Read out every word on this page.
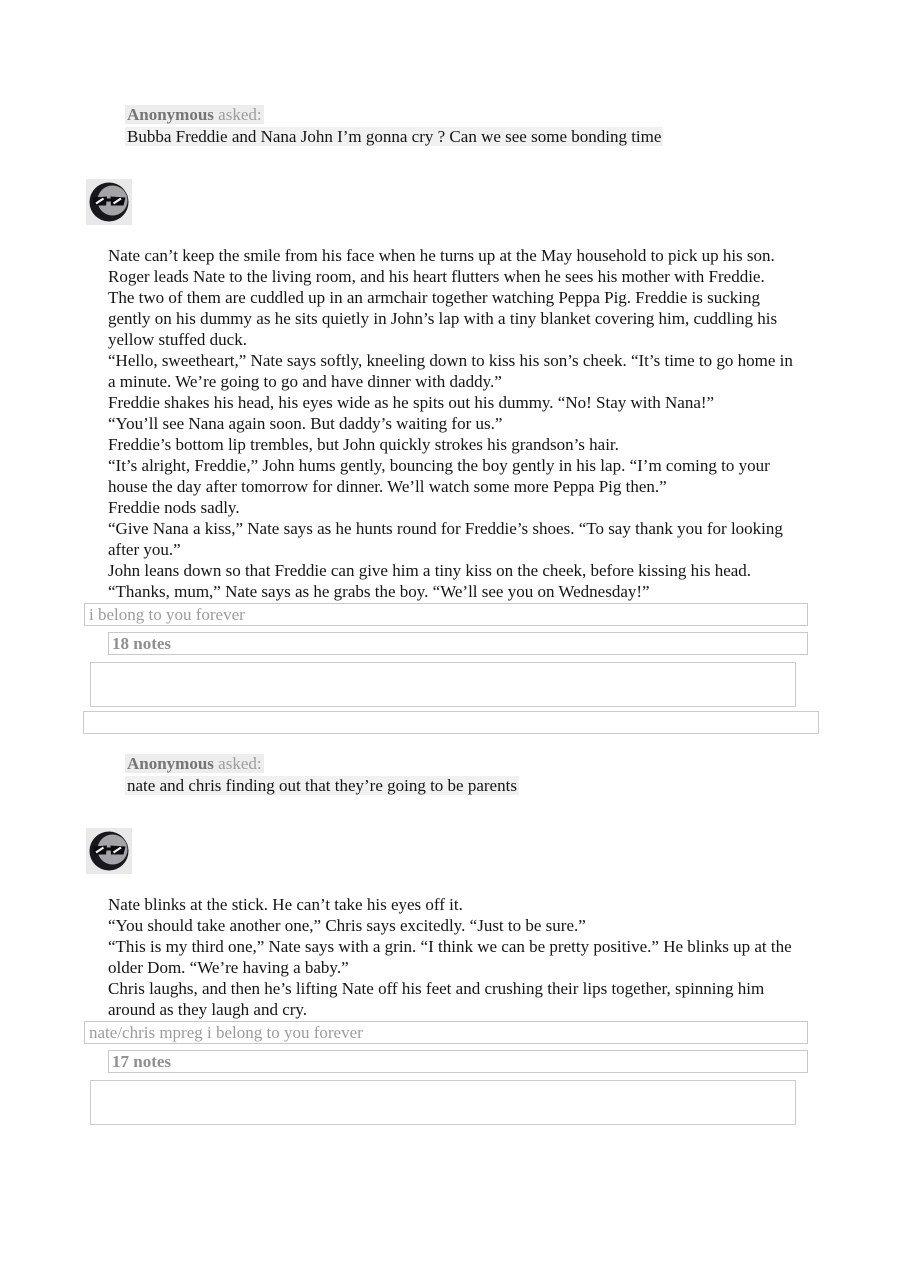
Anonymous asked:
Bubba Freddie and Nana John I’m gonna cry ? Can we see some bonding time

Nate can’t keep the smile from his face when he turns up at the May household to pick up his son.

Roger leads Nate to the living room, and his heart flutters when he sees his mother with Freddie.

The two of them are cuddled up in an armchair together watching Peppa Pig. Freddie is sucking gently on his dummy as he sits quietly in John’s lap with a tiny blanket covering him, cuddling his yellow stuffed duck.

“Hello, sweetheart,” Nate says softly, kneeling down to kiss his son’s cheek. “It’s time to go home in a minute. We’re going to go and have dinner with daddy.”

Freddie shakes his head, his eyes wide as he spits out his dummy. “No! Stay with Nana!”

“You’ll see Nana again soon. But daddy’s waiting for us.”

Freddie’s bottom lip trembles, but John quickly strokes his grandson’s hair.

“It’s alright, Freddie,” John hums gently, bouncing the boy gently in his lap. “I’m coming to your house the day after tomorrow for dinner. We’ll watch some more Peppa Pig then.”

Freddie nods sadly.

“Give Nana a kiss,” Nate says as he hunts round for Freddie’s shoes. “To say thank you for looking after you.”

John leans down so that Freddie can give him a tiny kiss on the cheek, before kissing his head.

“Thanks, mum,” Nate says as he grabs the boy. “We’ll see you on Wednesday!”

i belong to you forever
18 notes
Anonymous asked:
nate and chris finding out that they’re going to be parents

Nate blinks at the stick. He can’t take his eyes off it.

“You should take another one,” Chris says excitedly. “Just to be sure.”

“This is my third one,” Nate says with a grin. “I think we can be pretty positive.” He blinks up at the older Dom. “We’re having a baby.”

Chris laughs, and then he’s lifting Nate off his feet and crushing their lips together, spinning him around as they laugh and cry.

nate/chris mpreg i belong to you forever
17 notes
